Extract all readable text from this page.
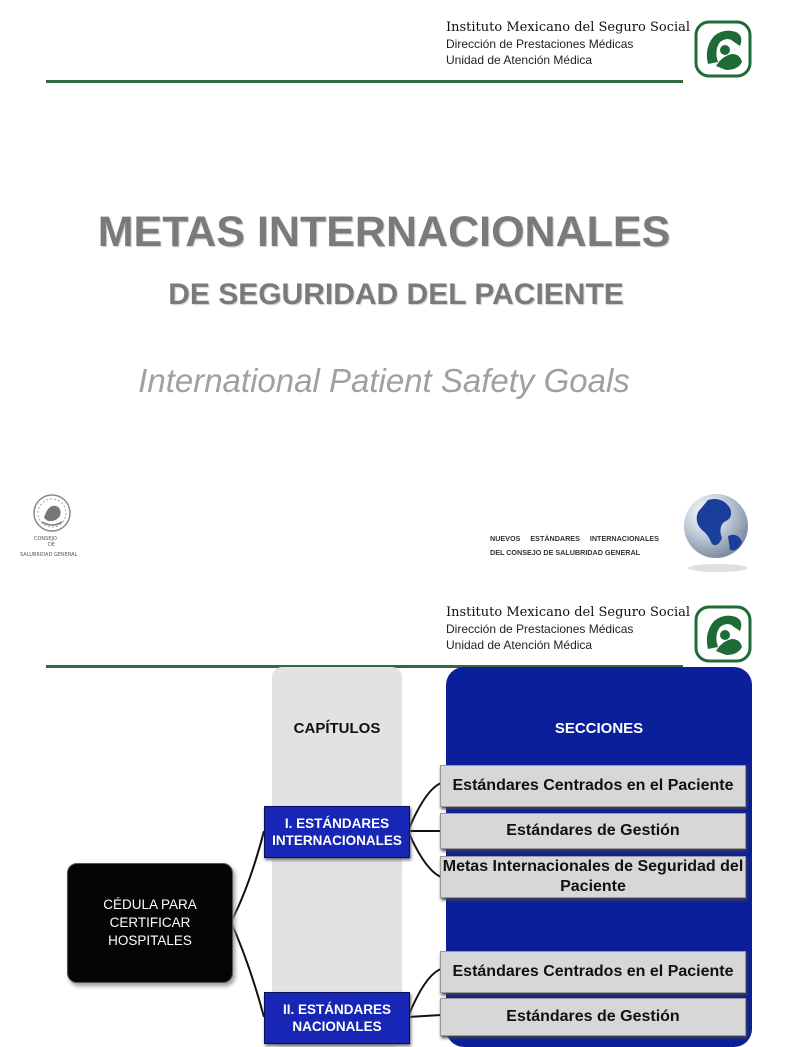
Instituto Mexicano del Seguro Social
Dirección de Prestaciones Médicas
Unidad de Atención Médica
METAS INTERNACIONALES
DE SEGURIDAD DEL PACIENTE
International Patient Safety Goals
CONSEJO
DE
SALUBRIDAD GENERAL
NUEVOS ESTÁNDARES INTERNACIONALES
DEL CONSEJO DE SALUBRIDAD GENERAL
Instituto Mexicano del Seguro Social
Dirección de Prestaciones Médicas
Unidad de Atención Médica
CAPÍTULOS	SECCIONES
CÉDULA PARA CERTIFICAR HOSPITALES
I. ESTÁNDARES INTERNACIONALES
II. ESTÁNDARES NACIONALES
Estándares Centrados en el Paciente
Estándares de Gestión
Metas Internacionales de Seguridad del Paciente
Estándares Centrados en el Paciente
Estándares de Gestión
